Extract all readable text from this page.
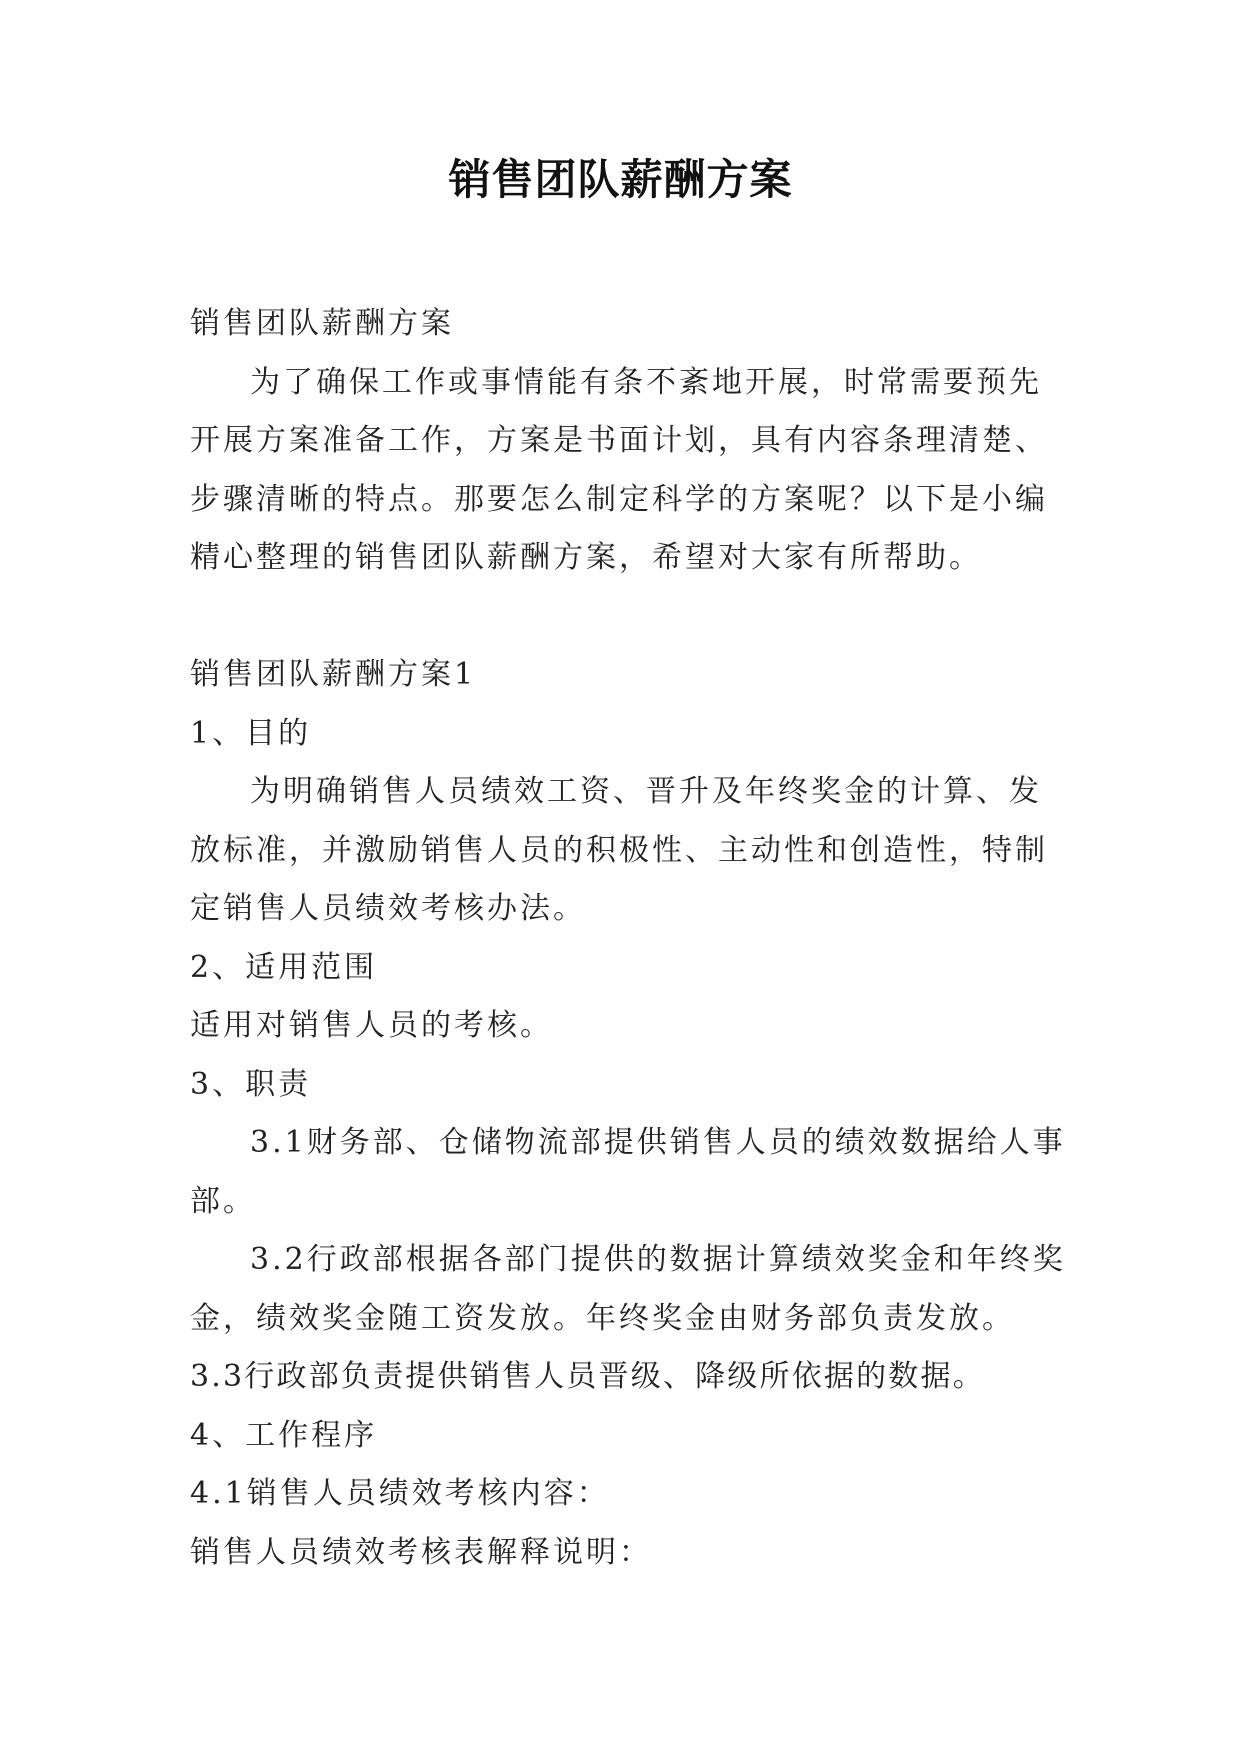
销售团队薪酬方案

销售团队薪酬方案

为了确保工作或事情能有条不紊地开展，时常需要预先开展方案准备工作，方案是书面计划，具有内容条理清楚、步骤清晰的特点。那要怎么制定科学的方案呢？以下是小编精心整理的销售团队薪酬方案，希望对大家有所帮助。

销售团队薪酬方案1

1、目的

为明确销售人员绩效工资、晋升及年终奖金的计算、发放标准，并激励销售人员的积极性、主动性和创造性，特制定销售人员绩效考核办法。

2、适用范围

适用对销售人员的考核。

3、职责

3.1财务部、仓储物流部提供销售人员的绩效数据给人事部。

3.2行政部根据各部门提供的数据计算绩效奖金和年终奖金，绩效奖金随工资发放。年终奖金由财务部负责发放。

3.3行政部负责提供销售人员晋级、降级所依据的数据。

4、工作程序

4.1销售人员绩效考核内容：

销售人员绩效考核表解释说明：
